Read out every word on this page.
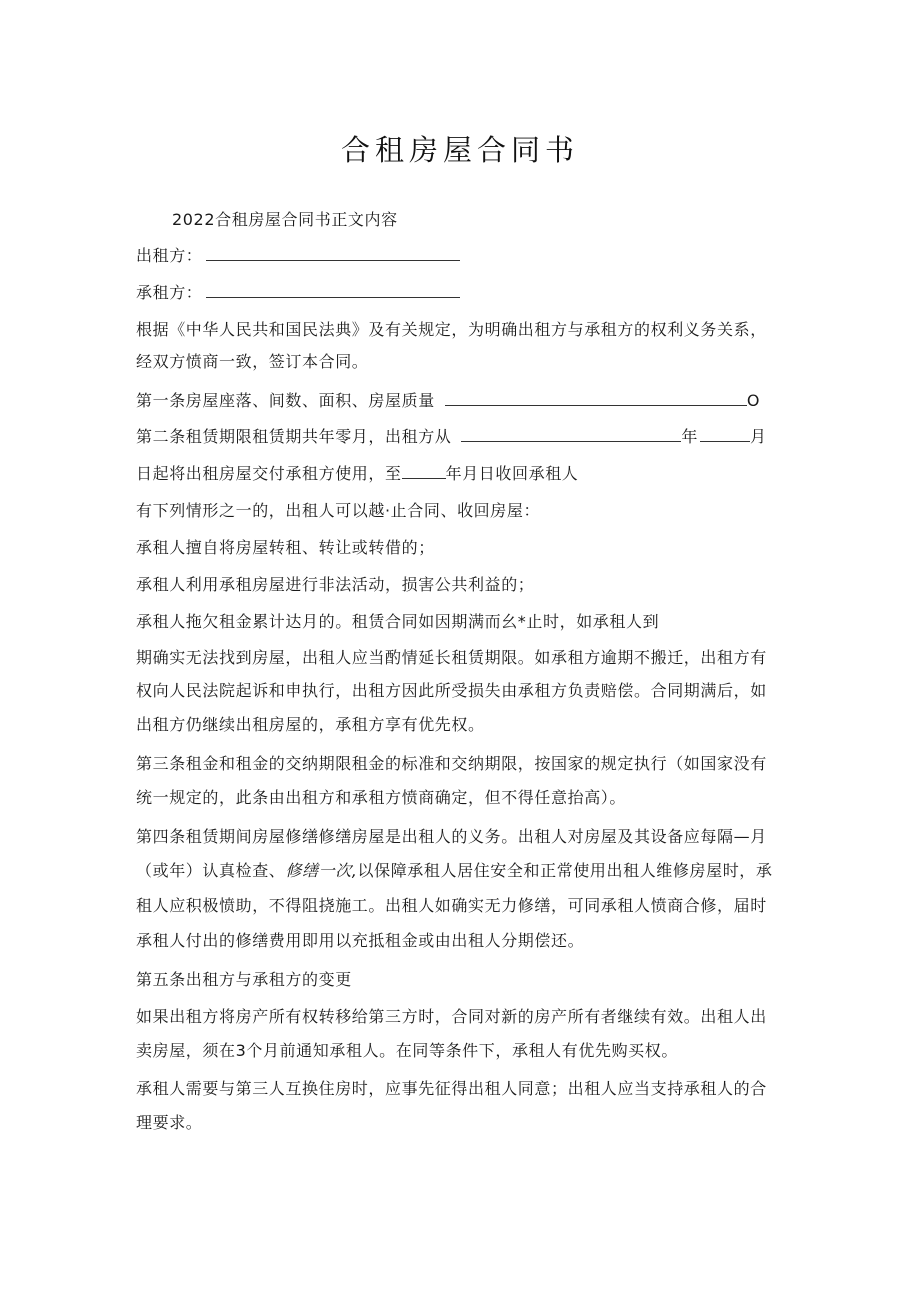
合租房屋合同书
2022合租房屋合同书正文内容
出租方：
承租方：
根据《中华人民共和国民法典》及有关规定，为明确出租方与承租方的权利义务关系，
经双方愤商一致，签订本合同。
第一条房屋座落、间数、面积、房屋质量	O
第二条租赁期限租赁期共年零月，出租方从	年	月
日起将出租房屋交付承租方使用，至	年月日收回承租人
有下列情形之一的，出租人可以越·止合同、收回房屋：
承租人擅自将房屋转租、转让或转借的；
承租人利用承租房屋进行非法活动，损害公共利益的；
承租人拖欠租金累计达月的。租赁合同如因期满而幺*止时，如承租人到
期确实无法找到房屋，出租人应当酌情延长租赁期限。如承租方逾期不搬迁，出租方有
权向人民法院起诉和申执行，出租方因此所受损失由承租方负责赔偿。合同期满后，如
出租方仍继续出租房屋的，承租方享有优先权。
第三条租金和租金的交纳期限租金的标准和交纳期限，按国家的规定执行（如国家没有
统一规定的，此条由出租方和承租方愤商确定，但不得任意抬高）。
第四条租赁期间房屋修缮修缮房屋是出租人的义务。出租人对房屋及其设备应每隔—月
（或年）认真检查、修缮一次,以保障承租人居住安全和正常使用出租人维修房屋时，承
租人应积极愤助，不得阻挠施工。出租人如确实无力修缮，可同承租人愤商合修，届时
承租人付出的修缮费用即用以充抵租金或由出租人分期偿还。
第五条出租方与承租方的变更
如果出租方将房产所有权转移给第三方时，合同对新的房产所有者继续有效。出租人出
卖房屋，须在3个月前通知承租人。在同等条件下，承租人有优先购买权。
承租人需要与第三人互换住房时，应事先征得出租人同意；出租人应当支持承租人的合
理要求。
